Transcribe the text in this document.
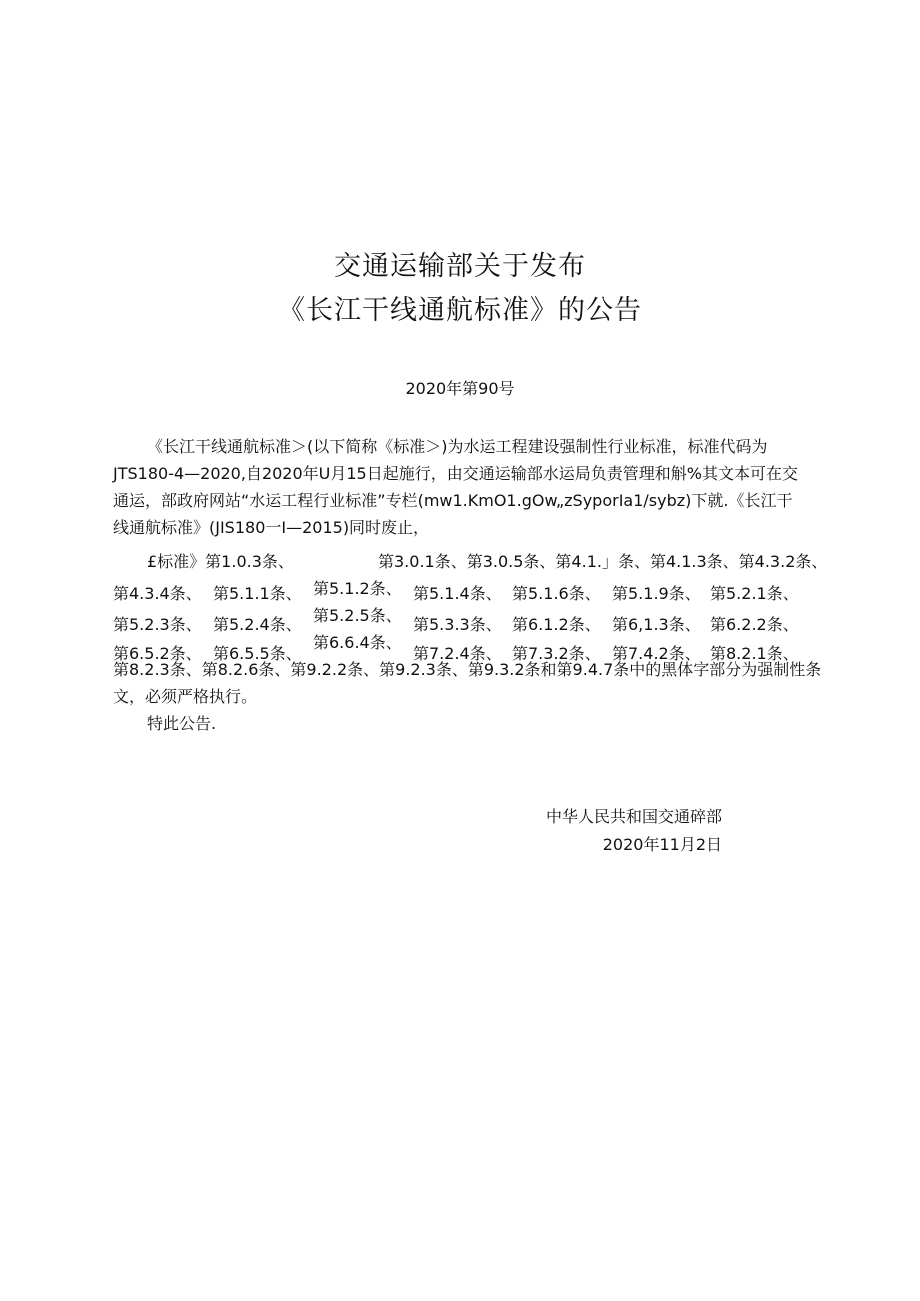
交通运输部关于发布
《长江干线通航标准》的公告
2020年第90号
《长江干线通航标准＞(以下简称《标准＞)为水运工程建设强制性行业标准，标准代码为
JTS180-4—2020,自2020年U月15日起施行，由交通运输部水运局负责管理和斛%其文本可在交
通运，部政府网站“水运工程行业标准”专栏(mw1.KmO1.gOw„zSyporIa1∕sybz)下就.《长江干
线通航标准》(JIS180一I—2015)同时废止，
£标准》第1.0.3条、	第3.0.1条、第3.0.5条、第4.1.」条、第4.1.3条、第4.3.2条、
第4.3.4条、 第5.1.1条、 第5.1.2条、 第5.1.4条、 第5.1.6条、 第5.1.9条、 第5.2.1条、
第5.2.3条、 第5.2.4条、 第5.2.5条、 第5.3.3条、 第6.1.2条、 第6,1.3条、 第6.2.2条、
第6.6.4条、
第6.5.2条、 第6.5.5条、	第7.2.4条、 第7.3.2条、 第7.4.2条、 第8.2.1条、
第8.2.3条、第8.2.6条、第9.2.2条、第9.2.3条、第9.3.2条和第9.4.7条中的黑体字部分为强制性条
文，必须严格执行。
特此公告.
中华人民共和国交通碎部
2020年11月2日
